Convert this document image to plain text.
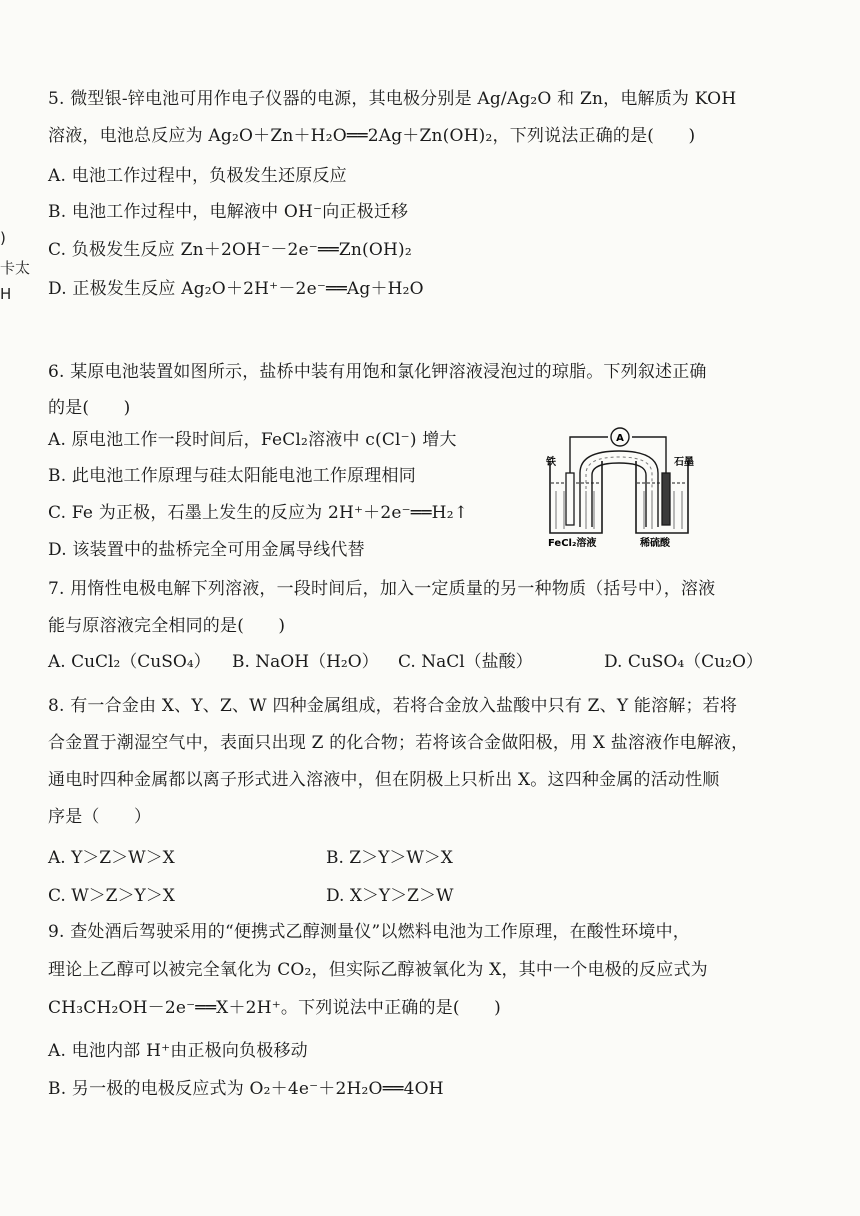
)
卡太
H
5. 微型银-锌电池可用作电子仪器的电源，其电极分别是 Ag/Ag₂O 和 Zn，电解质为 KOH
溶液，电池总反应为 Ag₂O＋Zn＋H₂O══2Ag＋Zn(OH)₂，下列说法正确的是(　　)
A. 电池工作过程中，负极发生还原反应
B. 电池工作过程中，电解液中 OH⁻向正极迁移
C. 负极发生反应 Zn＋2OH⁻－2e⁻══Zn(OH)₂
D. 正极发生反应 Ag₂O＋2H⁺－2e⁻══Ag＋H₂O
6. 某原电池装置如图所示，盐桥中装有用饱和氯化钾溶液浸泡过的琼脂。下列叙述正确
的是(　　)
A. 原电池工作一段时间后，FeCl₂溶液中 c(Cl⁻) 增大
B. 此电池工作原理与硅太阳能电池工作原理相同
C. Fe 为正极，石墨上发生的反应为 2H⁺＋2e⁻══H₂↑
D. 该装置中的盐桥完全可用金属导线代替
A
铁	石墨
FeCl₂溶液	稀硫酸
7. 用惰性电极电解下列溶液，一段时间后，加入一定质量的另一种物质（括号中），溶液
能与原溶液完全相同的是(　　)
A. CuCl₂（CuSO₄） B. NaOH（H₂O） C. NaCl（盐酸）	D. CuSO₄（Cu₂O）
8. 有一合金由 X、Y、Z、W 四种金属组成，若将合金放入盐酸中只有 Z、Y 能溶解；若将
合金置于潮湿空气中，表面只出现 Z 的化合物；若将该合金做阳极，用 X 盐溶液作电解液，
通电时四种金属都以离子形式进入溶液中，但在阴极上只析出 X。这四种金属的活动性顺
序是（　　）
A. Y＞Z＞W＞X	B. Z＞Y＞W＞X
C. W＞Z＞Y＞X	D. X＞Y＞Z＞W
9. 查处酒后驾驶采用的“便携式乙醇测量仪”以燃料电池为工作原理，在酸性环境中，
理论上乙醇可以被完全氧化为 CO₂，但实际乙醇被氧化为 X，其中一个电极的反应式为
CH₃CH₂OH－2e⁻══X＋2H⁺。下列说法中正确的是(　　)
A. 电池内部 H⁺由正极向负极移动
B. 另一极的电极反应式为 O₂＋4e⁻＋2H₂O══4OH
